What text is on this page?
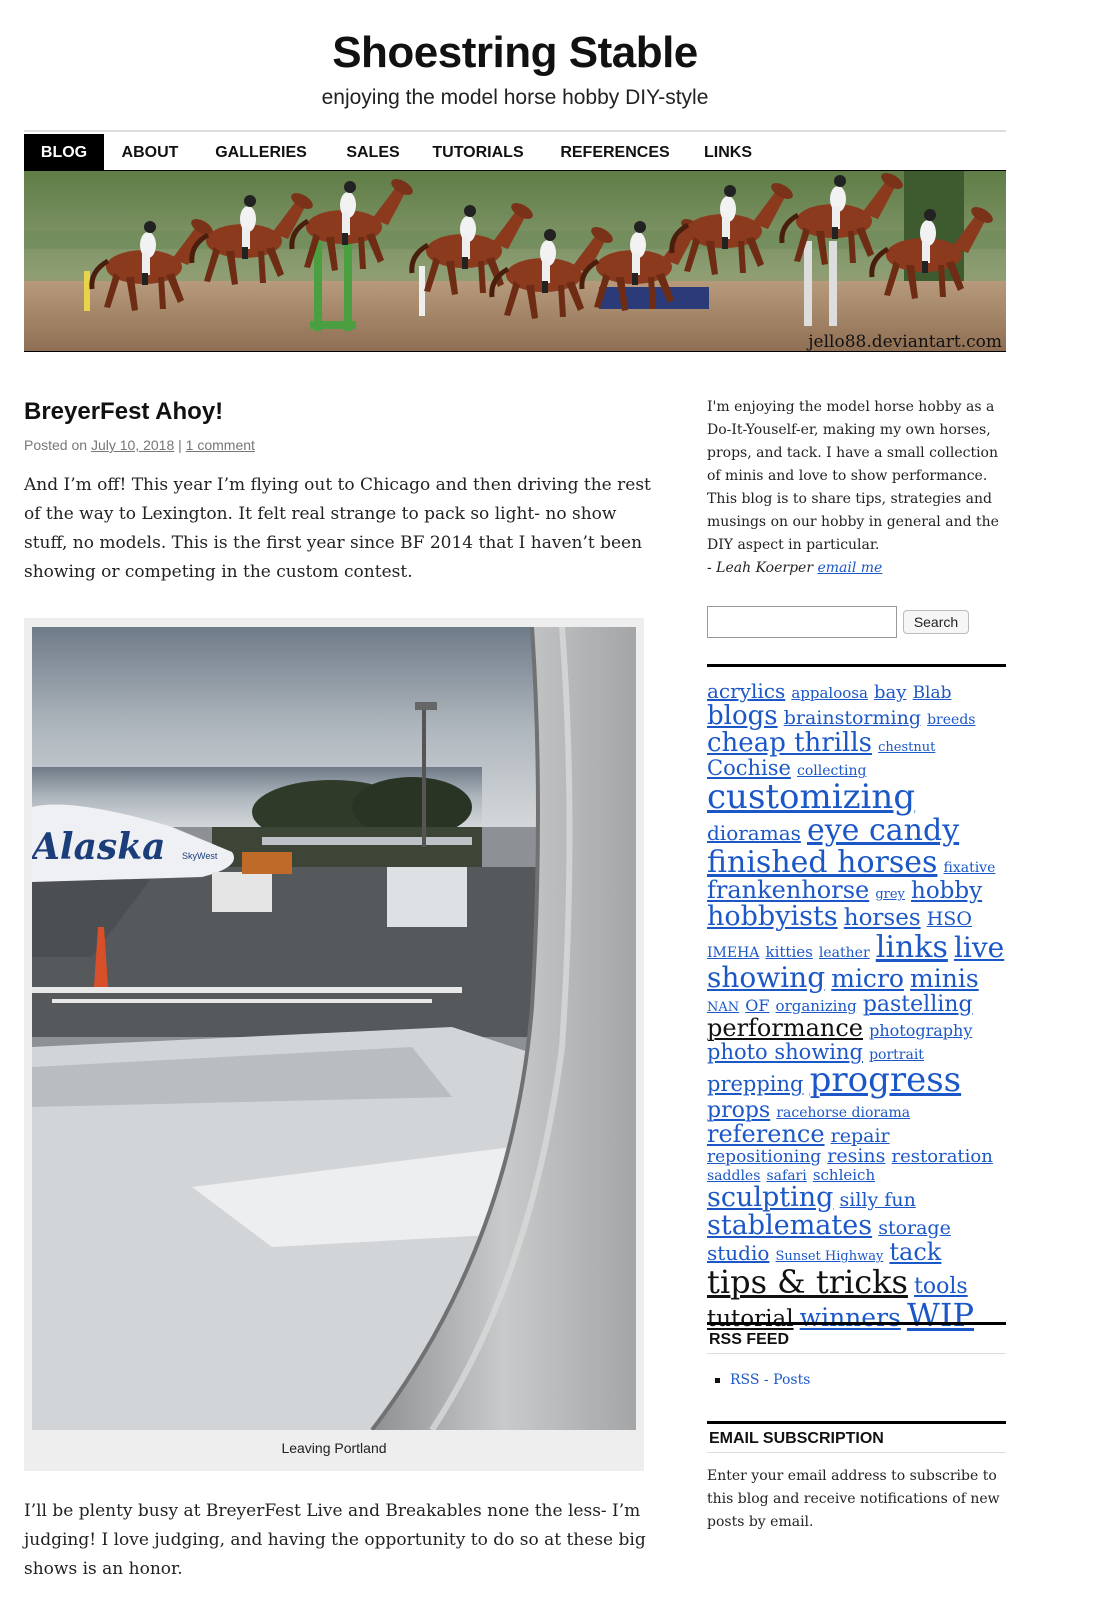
Shoestring Stable
enjoying the model horse hobby DIY-style
BLOG	ABOUT	GALLERIES	SALES	TUTORIALS	REFERENCES	LINKS
jello88.deviantart.com
BreyerFest Ahoy!
Posted on July 10, 2018 | 1 comment
And I’m off! This year I’m flying out to Chicago and then driving the rest of the way to Lexington. It felt real strange to pack so light- no show stuff, no models. This is the first year since BF 2014 that I haven’t been showing or competing in the custom contest.
Alaska SkyWest
Leaving Portland
I’ll be plenty busy at BreyerFest Live and Breakables none the less- I’m judging! I love judging, and having the opportunity to do so at these big shows is an honor.
I'm enjoying the model horse hobby as a Do-It-Youself-er, making my own horses, props, and tack. I have a small collection of minis and love to show performance. This blog is to share tips, strategies and musings on our hobby in general and the DIY aspect in particular.
- Leah Koerper email me
Search
acrylics appaloosa bay Blab blogs brainstorming breeds cheap thrills chestnut Cochise collecting customizing dioramas eye candy finished horses fixative frankenhorse grey hobby hobbyists horses HSO IMEHA kitties leather links live showing micro minis NAN OF organizing pastelling performance photography photo showing portrait prepping progress props racehorse diorama reference repair repositioning resins restoration saddles safari schleich sculpting silly fun stablemates storage studio Sunset Highway tack tips & tricks tools tutorial winners WIP
RSS FEED
RSS - Posts
EMAIL SUBSCRIPTION
Enter your email address to subscribe to this blog and receive notifications of new posts by email.
